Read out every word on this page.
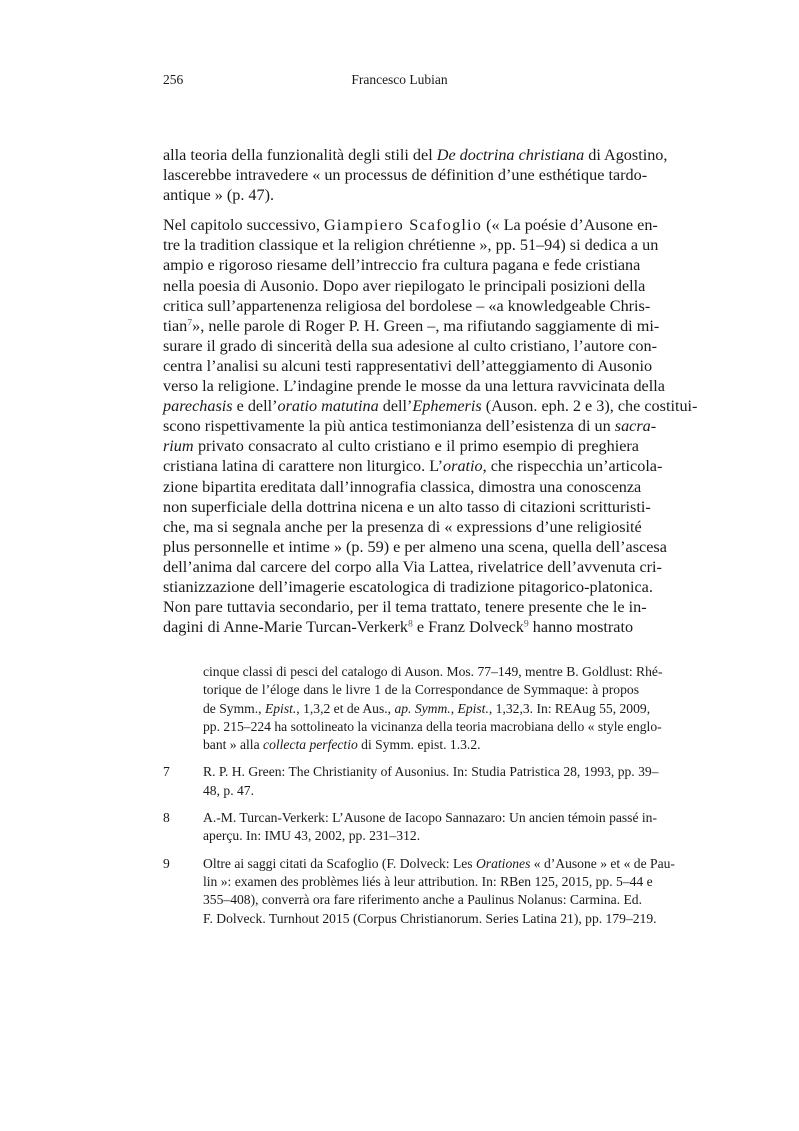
256	Francesco Lubian
alla teoria della funzionalità degli stili del De doctrina christiana di Agostino,
lascerebbe intravedere « un processus de définition d’une esthétique tardo-
antique » (p. 47).
Nel capitolo successivo, Giampiero Scafoglio (« La poésie d’Ausone en-
tre la tradition classique et la religion chrétienne », pp. 51–94) si dedica a un
ampio e rigoroso riesame dell’intreccio fra cultura pagana e fede cristiana
nella poesia di Ausonio. Dopo aver riepilogato le principali posizioni della
critica sull’appartenenza religiosa del bordolese – «a knowledgeable Chris-
tian$^7$», nelle parole di Roger P. H. Green –, ma rifiutando saggiamente di mi-
surare il grado di sincerità della sua adesione al culto cristiano, l’autore con-
centra l’analisi su alcuni testi rappresentativi dell’atteggiamento di Ausonio
verso la religione. L’indagine prende le mosse da una lettura ravvicinata della
parechasis e dell’oratio matutina dell’Ephemeris (Auson. eph. 2 e 3), che costitui-
scono rispettivamente la più antica testimonianza dell’esistenza di un sacra-
rium privato consacrato al culto cristiano e il primo esempio di preghiera
cristiana latina di carattere non liturgico. L’oratio, che rispecchia un’articola-
zione bipartita ereditata dall’innografia classica, dimostra una conoscenza
non superficiale della dottrina nicena e un alto tasso di citazioni scritturisti-
che, ma si segnala anche per la presenza di « expressions d’une religiosité
plus personnelle et intime » (p. 59) e per almeno una scena, quella dell’ascesa
dell’anima dal carcere del corpo alla Via Lattea, rivelatrice dell’avvenuta cri-
stianizzazione dell’imagerie escatologica di tradizione pitagorico-platonica.
Non pare tuttavia secondario, per il tema trattato, tenere presente che le in-
dagini di Anne-Marie Turcan-Verkerk$^8$ e Franz Dolveck$^9$ hanno mostrato
cinque classi di pesci del catalogo di Auson. Mos. 77–149, mentre B. Goldlust: Rhé-
torique de l’éloge dans le livre 1 de la Correspondance de Symmaque: à propos
de Symm., Epist., 1,3,2 et de Aus., ap. Symm., Epist., 1,32,3. In: REAug 55, 2009,
pp. 215–224 ha sottolineato la vicinanza della teoria macrobiana dello « style englo-
bant » alla collecta perfectio di Symm. epist. 1.3.2.
7	R. P. H. Green: The Christianity of Ausonius. In: Studia Patristica 28, 1993, pp. 39–
48, p. 47.
8	A.-M. Turcan-Verkerk: L’Ausone de Iacopo Sannazaro: Un ancien témoin passé in-
aperçu. In: IMU 43, 2002, pp. 231–312.
9	Oltre ai saggi citati da Scafoglio (F. Dolveck: Les Orationes « d’Ausone » et « de Pau-
lin »: examen des problèmes liés à leur attribution. In: RBen 125, 2015, pp. 5–44 e
355–408), converrà ora fare riferimento anche a Paulinus Nolanus: Carmina. Ed.
F. Dolveck. Turnhout 2015 (Corpus Christianorum. Series Latina 21), pp. 179–219.
